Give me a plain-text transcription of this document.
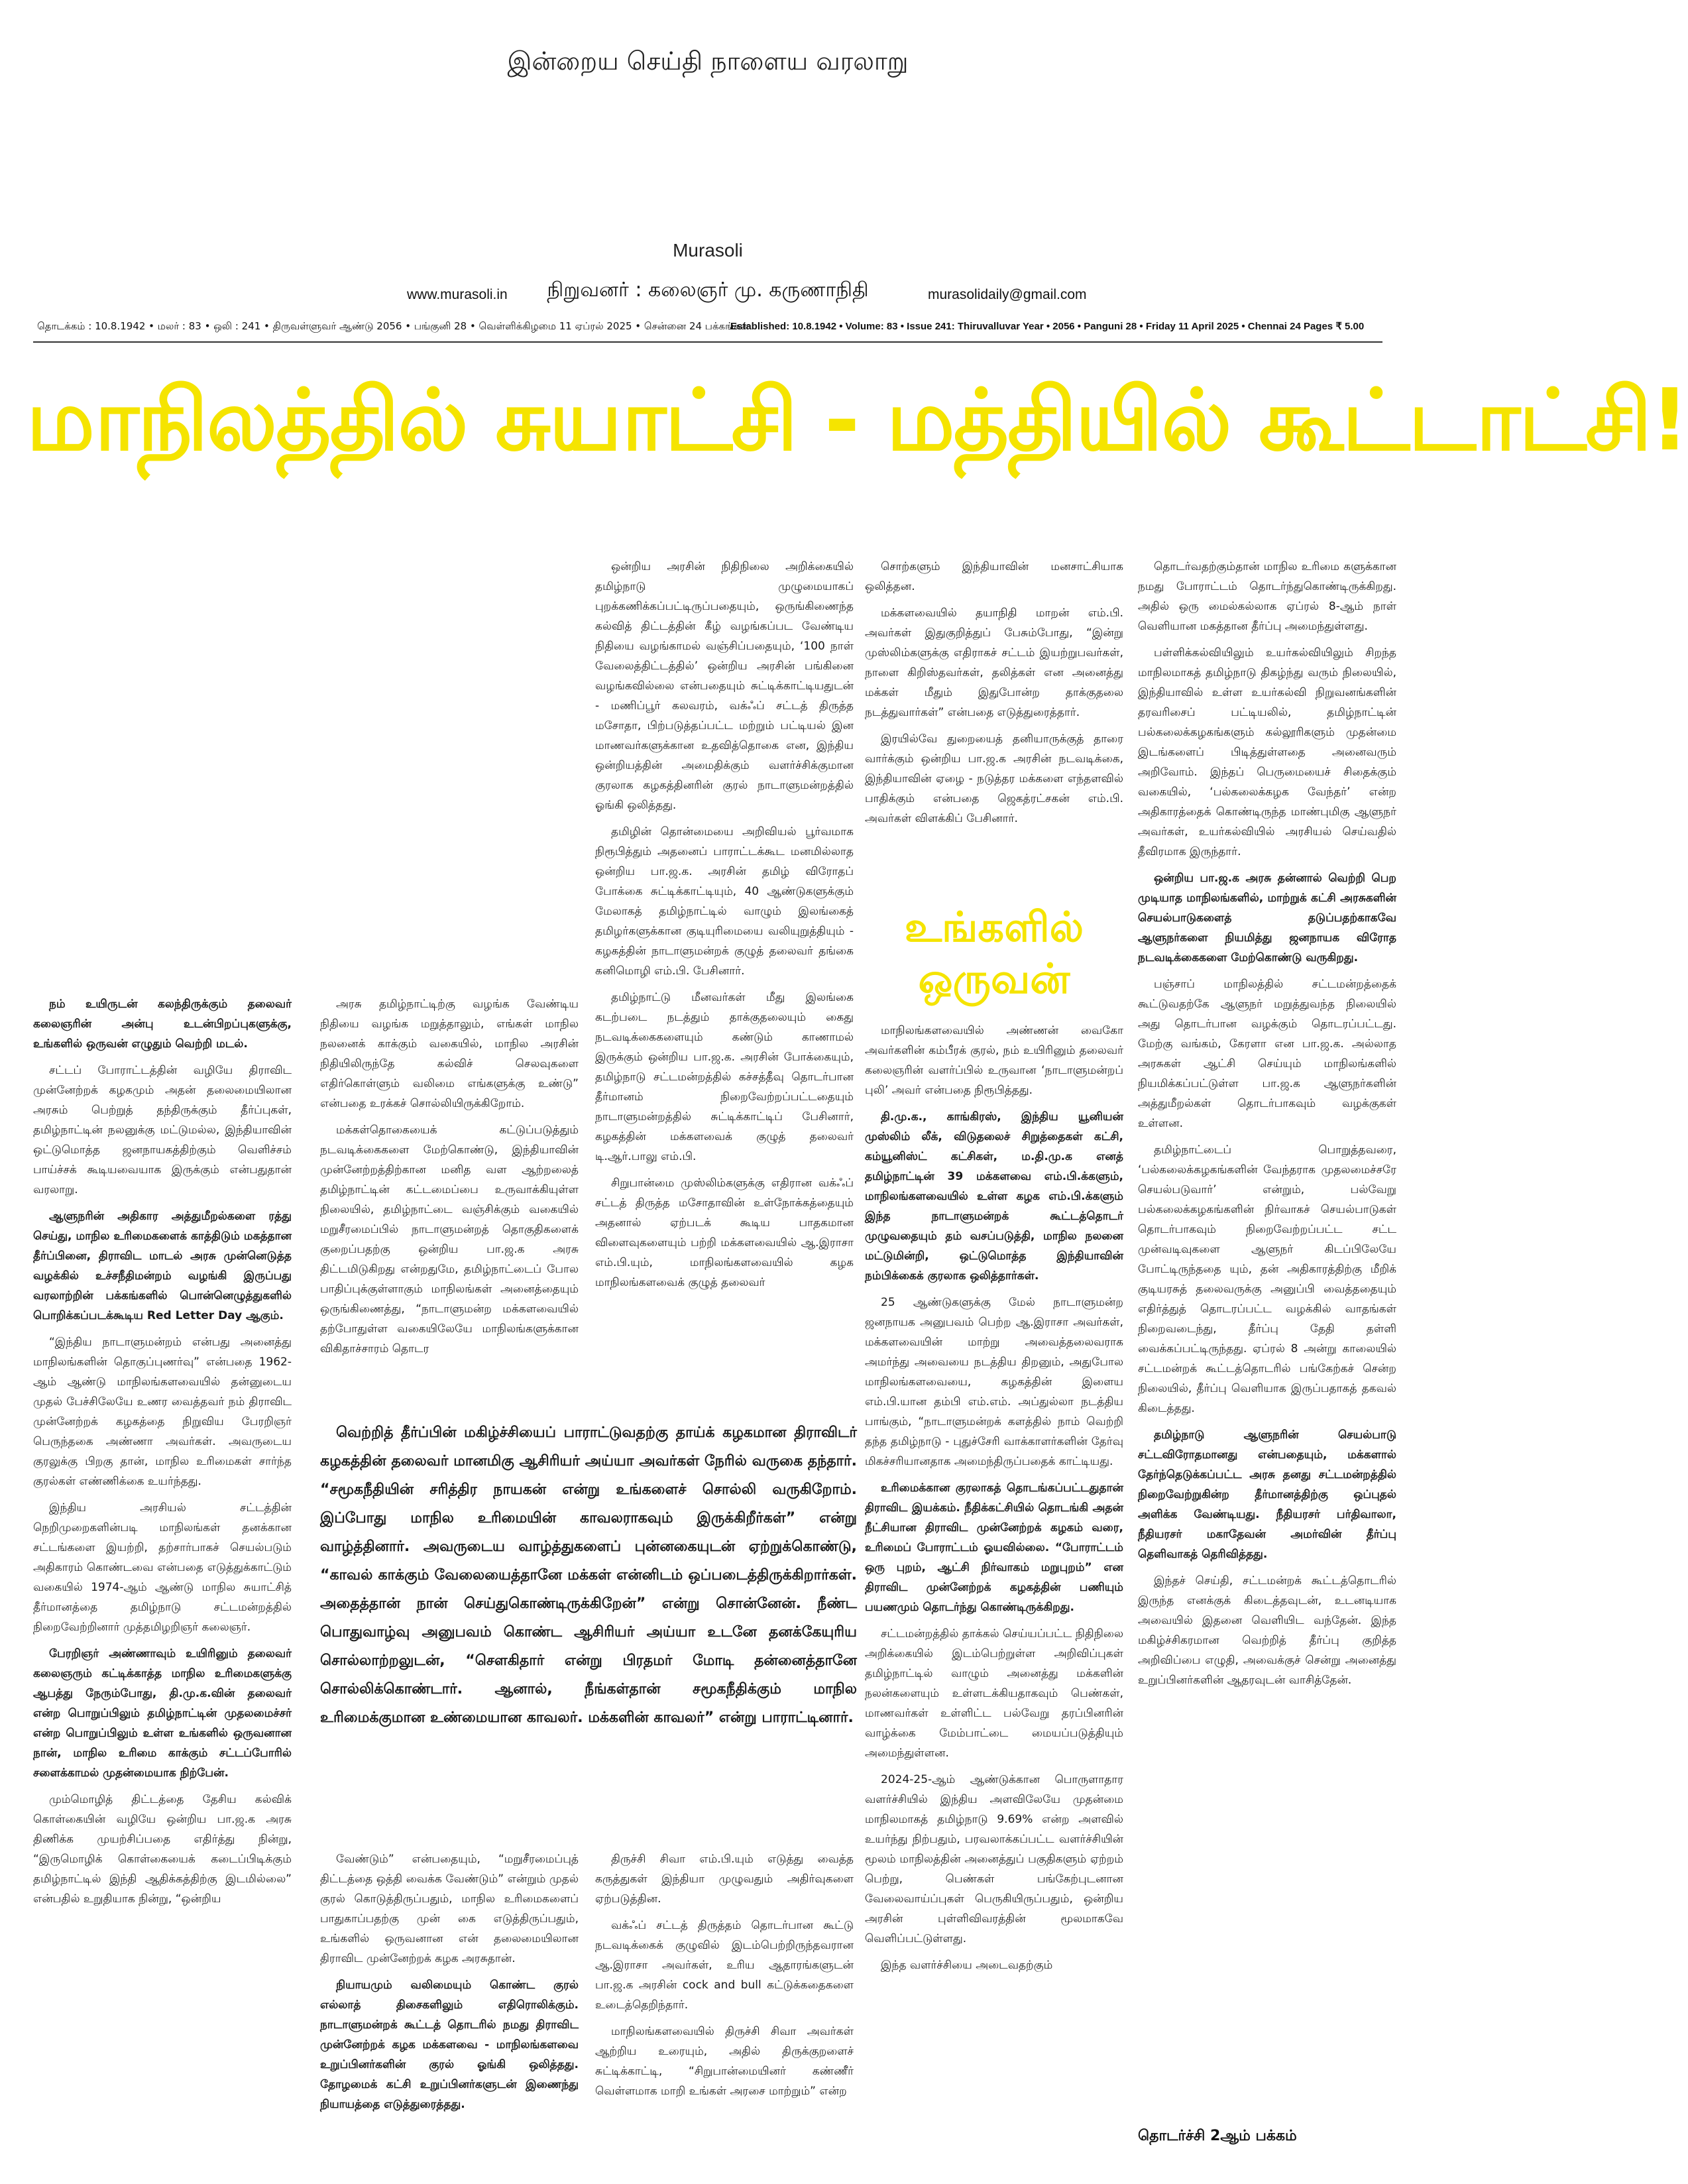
இன்றைய செய்தி நாளைய வரலாறு
Murasoli
www.murasoli.in	நிறுவனர் : கலைஞர் மு. கருணாநிதி	murasolidaily@gmail.com
தொடக்கம் : 10.8.1942 • மலர் : 83 • ஒலி : 241 • திருவள்ளுவர் ஆண்டு 2056 • பங்குனி 28 • வெள்ளிக்கிழமை 11 ஏப்ரல் 2025 • சென்னை 24 பக்கங்கள்
Established: 10.8.1942 • Volume: 83 • Issue 241: Thiruvalluvar Year • 2056 • Panguni 28 • Friday 11 April 2025 • Chennai 24 Pages ₹ 5.00
மாநிலத்தில் சுயாட்சி - மத்தியில் கூட்டாட்சி!

நம் உயிருடன் கலந்திருக்கும் தலைவர் கலைஞரின் அன்பு உடன்பிறப்புகளுக்கு, உங்களில் ஒருவன் எழுதும் வெற்றி மடல்.

சட்டப் போராட்டத்தின் வழியே திராவிட முன்னேற்றக் கழகமும் அதன் தலைமையிலான அரசும் பெற்றுத் தந்திருக்கும் தீர்ப்புகள், தமிழ்நாட்டின் நலனுக்கு மட்டுமல்ல, இந்தியாவின் ஒட்டுமொத்த ஜனநாயகத்திற்கும் வெளிச்சம் பாய்ச்சக் கூடியவையாக இருக்கும் என்பதுதான் வரலாறு.

ஆளுநரின் அதிகார அத்துமீறல்களை ரத்து செய்து, மாநில உரிமைகளைக் காத்திடும் மகத்தான தீர்ப்பினை, திராவிட மாடல் அரசு முன்னெடுத்த வழக்கில் உச்சநீதிமன்றம் வழங்கி இருப்பது வரலாற்றின் பக்கங்களில் பொன்னெழுத்துகளில் பொறிக்கப்படக்கூடிய Red Letter Day ஆகும்.

“இந்திய நாடாளுமன்றம் என்பது அனைத்து மாநிலங்களின் தொகுப்புணர்வு” என்பதை 1962-ஆம் ஆண்டு மாநிலங்களவையில் தன்னுடைய முதல் பேச்சிலேயே உணர வைத்தவர் நம் திராவிட முன்னேற்றக் கழகத்தை நிறுவிய பேரறிஞர் பெருந்தகை அண்ணா அவர்கள். அவருடைய குரலுக்கு பிறகு தான், மாநில உரிமைகள் சார்ந்த குரல்கள் எண்ணிக்கை உயர்ந்தது.

இந்திய அரசியல் சட்டத்தின் நெறிமுறைகளின்படி மாநிலங்கள் தனக்கான சட்டங்களை இயற்றி, தற்சார்பாகச் செயல்படும் அதிகாரம் கொண்டவை என்பதை எடுத்துக்காட்டும் வகையில் 1974-ஆம் ஆண்டு மாநில சுயாட்சித் தீர்மானத்தை தமிழ்நாடு சட்டமன்றத்தில் நிறைவேற்றினார் முத்தமிழறிஞர் கலைஞர்.

பேரறிஞர் அண்ணாவும் உயிரினும் தலைவர் கலைஞரும் கட்டிக்காத்த மாநில உரிமைகளுக்கு ஆபத்து நேரும்போது, தி.மு.க.வின் தலைவர் என்ற பொறுப்பிலும் தமிழ்நாட்டின் முதலமைச்சர் என்ற பொறுப்பிலும் உள்ள உங்களில் ஒருவனான நான், மாநில உரிமை காக்கும் சட்டப்போரில் சளைக்காமல் முதன்மையாக நிற்பேன்.

மும்மொழித் திட்டத்தை தேசிய கல்விக் கொள்கையின் வழியே ஒன்றிய பா.ஜ.க அரசு திணிக்க முயற்சிப்பதை எதிர்த்து நின்று, “இருமொழிக் கொள்கையைக் கடைப்பிடிக்கும் தமிழ்நாட்டில் இந்தி ஆதிக்கத்திற்கு இடமில்லை” என்பதில் உறுதியாக நின்று, “ஒன்றிய

அரசு தமிழ்நாட்டிற்கு வழங்க வேண்டிய நிதியை வழங்க மறுத்தாலும், எங்கள் மாநில நலனைக் காக்கும் வகையில், மாநில அரசின் நிதியிலிருந்தே கல்விச் செலவுகளை எதிர்கொள்ளும் வலிமை எங்களுக்கு உண்டு” என்பதை உரக்கச் சொல்லியிருக்கிறோம்.

மக்கள்தொகையைக் கட்டுப்படுத்தும் நடவடிக்கைகளை மேற்கொண்டு, இந்தியாவின் முன்னேற்றத்திற்கான மனித வள ஆற்றலைத் தமிழ்நாட்டின் கட்டமைப்பை உருவாக்கியுள்ள நிலையில், தமிழ்நாட்டை வஞ்சிக்கும் வகையில் மறுசீரமைப்பில் நாடாளுமன்றத் தொகுதிகளைக் குறைப்பதற்கு ஒன்றிய பா.ஜ.க அரசு திட்டமிடுகிறது என்றதுமே, தமிழ்நாட்டைப் போல பாதிப்புக்குள்ளாகும் மாநிலங்கள் அனைத்தையும் ஒருங்கிணைத்து, “நாடாளுமன்ற மக்களவையில் தற்போதுள்ள வகையிலேயே மாநிலங்களுக்கான விகிதாச்சாரம் தொடர

ஒன்றிய அரசின் நிதிநிலை அறிக்கையில் தமிழ்நாடு முழுமையாகப் புறக்கணிக்கப்பட்டிருப்பதையும், ஒருங்கிணைந்த கல்வித் திட்டத்தின் கீழ் வழங்கப்பட வேண்டிய நிதியை வழங்காமல் வஞ்சிப்பதையும், ‘100 நாள் வேலைத்திட்டத்தில்’ ஒன்றிய அரசின் பங்கினை வழங்கவில்லை என்பதையும் சுட்டிக்காட்டியதுடன் - மணிப்பூர் கலவரம், வக்ஃப் சட்டத் திருத்த மசோதா, பிற்படுத்தப்பட்ட மற்றும் பட்டியல் இன மாணவர்களுக்கான உதவித்தொகை என, இந்திய ஒன்றியத்தின் அமைதிக்கும் வளர்ச்சிக்குமான குரலாக கழகத்தினரின் குரல் நாடாளுமன்றத்தில் ஓங்கி ஒலித்தது.

தமிழின் தொன்மையை அறிவியல் பூர்வமாக நிரூபித்தும் அதனைப் பாராட்டக்கூட மனமில்லாத ஒன்றிய பா.ஜ.க. அரசின் தமிழ் விரோதப் போக்கை சுட்டிக்காட்டியும், 40 ஆண்டுகளுக்கும் மேலாகத் தமிழ்நாட்டில் வாழும் இலங்கைத் தமிழர்களுக்கான குடியுரிமையை வலியுறுத்தியும் - கழகத்தின் நாடாளுமன்றக் குழுத் தலைவர் தங்கை கனிமொழி எம்.பி. பேசினார்.

தமிழ்நாட்டு மீனவர்கள் மீது இலங்கை கடற்படை நடத்தும் தாக்குதலையும் கைது நடவடிக்கைகளையும் கண்டும் காணாமல் இருக்கும் ஒன்றிய பா.ஜ.க. அரசின் போக்கையும், தமிழ்நாடு சட்டமன்றத்தில் கச்சத்தீவு தொடர்பான தீர்மானம் நிறைவேற்றப்பட்டதையும் நாடாளுமன்றத்தில் சுட்டிக்காட்டிப் பேசினார், கழகத்தின் மக்களவைக் குழுத் தலைவர் டி.ஆர்.பாலு எம்.பி.

சிறுபான்மை முஸ்லிம்களுக்கு எதிரான வக்ஃப் சட்டத் திருத்த மசோதாவின் உள்நோக்கத்தையும் அதனால் ஏற்படக் கூடிய பாதகமான விளைவுகளையும் பற்றி மக்களவையில் ஆ.இராசா எம்.பி.யும், மாநிலங்களவையில் கழக மாநிலங்களவைக் குழுத் தலைவர்

சொற்களும் இந்தியாவின் மனசாட்சியாக ஒலித்தன.

மக்களவையில் தயாநிதி மாறன் எம்.பி. அவர்கள் இதுகுறித்துப் பேசும்போது, “இன்று முஸ்லிம்களுக்கு எதிராகச் சட்டம் இயற்றுபவர்கள், நாளை கிறிஸ்தவர்கள், தலித்கள் என அனைத்து மக்கள் மீதும் இதுபோன்ற தாக்குதலை நடத்துவார்கள்” என்பதை எடுத்துரைத்தார்.

இரயில்வே துறையைத் தனியாருக்குத் தாரை வார்க்கும் ஒன்றிய பா.ஜ.க அரசின் நடவடிக்கை, இந்தியாவின் ஏழை - நடுத்தர மக்களை எந்தளவில் பாதிக்கும் என்பதை ஜெகத்ரட்சகன் எம்.பி. அவர்கள் விளக்கிப் பேசினார்.

உங்களில் ஒருவன்

மாநிலங்களவையில் அண்ணன் வைகோ அவர்களின் கம்பீரக் குரல், நம் உயிரினும் தலைவர் கலைஞரின் வளர்ப்பில் உருவான ‘நாடாளுமன்றப் புலி’ அவர் என்பதை நிரூபித்தது.

தி.மு.க., காங்கிரஸ், இந்திய யூனியன் முஸ்லிம் லீக், விடுதலைச் சிறுத்தைகள் கட்சி, கம்யூனிஸ்ட் கட்சிகள், ம.தி.மு.க எனத் தமிழ்நாட்டின் 39 மக்களவை எம்.பி.க்களும், மாநிலங்களவையில் உள்ள கழக எம்.பி.க்களும் இந்த நாடாளுமன்றக் கூட்டத்தொடர் முழுவதையும் தம் வசப்படுத்தி, மாநில நலனை மட்டுமின்றி, ஒட்டுமொத்த இந்தியாவின் நம்பிக்கைக் குரலாக ஒலித்தார்கள்.

25 ஆண்டுகளுக்கு மேல் நாடாளுமன்ற ஜனநாயக அனுபவம் பெற்ற ஆ.இராசா அவர்கள், மக்களவையின் மாற்று அவைத்தலைவராக அமர்ந்து அவையை நடத்திய திறனும், அதுபோல மாநிலங்களவையை, கழகத்தின் இளைய எம்.பி.யான தம்பி எம்.எம். அப்துல்லா நடத்திய பாங்கும், “நாடாளுமன்றக் களத்தில் நாம் வெற்றி தந்த தமிழ்நாடு - புதுச்சேரி வாக்காளர்களின் தேர்வு மிகச்சரியானதாக அமைந்திருப்பதைக் காட்டியது.

உரிமைக்கான குரலாகத் தொடங்கப்பட்டதுதான் திராவிட இயக்கம். நீதிக்கட்சியில் தொடங்கி அதன் நீட்சியான திராவிட முன்னேற்றக் கழகம் வரை, உரிமைப் போராட்டம் ஓயவில்லை. “போராட்டம் ஒரு புறம், ஆட்சி நிர்வாகம் மறுபுறம்” என திராவிட முன்னேற்றக் கழகத்தின் பணியும் பயணமும் தொடர்ந்து கொண்டிருக்கிறது.

சட்டமன்றத்தில் தாக்கல் செய்யப்பட்ட நிதிநிலை அறிக்கையில் இடம்பெற்றுள்ள அறிவிப்புகள் தமிழ்நாட்டில் வாழும் அனைத்து மக்களின் நலன்களையும் உள்ளடக்கியதாகவும் பெண்கள், மாணவர்கள் உள்ளிட்ட பல்வேறு தரப்பினரின் வாழ்க்கை மேம்பாட்டை மையப்படுத்தியும் அமைந்துள்ளன.

2024-25-ஆம் ஆண்டுக்கான பொருளாதார வளர்ச்சியில் இந்திய அளவிலேயே முதன்மை மாநிலமாகத் தமிழ்நாடு 9.69% என்ற அளவில் உயர்ந்து நிற்பதும், பரவலாக்கப்பட்ட வளர்ச்சியின் மூலம் மாநிலத்தின் அனைத்துப் பகுதிகளும் ஏற்றம் பெற்று, பெண்கள் பங்கேற்புடனான வேலைவாய்ப்புகள் பெருகியிருப்பதும், ஒன்றிய அரசின் புள்ளிவிவரத்தின் மூலமாகவே வெளிப்பட்டுள்ளது.

இந்த வளர்ச்சியை அடைவதற்கும்

தொடர்வதற்கும்தான் மாநில உரிமை களுக்கான நமது போராட்டம் தொடர்ந்துகொண்டிருக்கிறது. அதில் ஒரு மைல்கல்லாக ஏப்ரல் 8-ஆம் நாள் வெளியான மகத்தான தீர்ப்பு அமைந்துள்ளது.

பள்ளிக்கல்வியிலும் உயர்கல்வியிலும் சிறந்த மாநிலமாகத் தமிழ்நாடு திகழ்ந்து வரும் நிலையில், இந்தியாவில் உள்ள உயர்கல்வி நிறுவனங்களின் தரவரிசைப் பட்டியலில், தமிழ்நாட்டின் பல்கலைக்கழகங்களும் கல்லூரிகளும் முதன்மை இடங்களைப் பிடித்துள்ளதை அனைவரும் அறிவோம். இந்தப் பெருமையைச் சிதைக்கும் வகையில், ‘பல்கலைக்கழக வேந்தர்’ என்ற அதிகாரத்தைக் கொண்டிருந்த மாண்புமிகு ஆளுநர் அவர்கள், உயர்கல்வியில் அரசியல் செய்வதில் தீவிரமாக இருந்தார்.

ஒன்றிய பா.ஜ.க அரசு தன்னால் வெற்றி பெற முடியாத மாநிலங்களில், மாற்றுக் கட்சி அரசுகளின் செயல்பாடுகளைத் தடுப்பதற்காகவே ஆளுநர்களை நியமித்து ஜனநாயக விரோத நடவடிக்கைகளை மேற்கொண்டு வருகிறது.

பஞ்சாப் மாநிலத்தில் சட்டமன்றத்தைக் கூட்டுவதற்கே ஆளுநர் மறுத்துவந்த நிலையில் அது தொடர்பான வழக்கும் தொடரப்பட்டது. மேற்கு வங்கம், கேரளா என பா.ஜ.க. அல்லாத அரசுகள் ஆட்சி செய்யும் மாநிலங்களில் நியமிக்கப்பட்டுள்ள பா.ஜ.க ஆளுநர்களின் அத்துமீறல்கள் தொடர்பாகவும் வழக்குகள் உள்ளன.

தமிழ்நாட்டைப் பொறுத்தவரை, ‘பல்கலைக்கழகங்களின் வேந்தராக முதலமைச்சரே செயல்படுவார்’ என்றும், பல்வேறு பல்கலைக்கழகங்களின் நிர்வாகச் செயல்பாடுகள் தொடர்பாகவும் நிறைவேற்றப்பட்ட சட்ட முன்வடிவுகளை ஆளுநர் கிடப்பிலேயே போட்டிருந்ததை யும், தன் அதிகாரத்திற்கு மீறிக் குடியரசுத் தலைவருக்கு அனுப்பி வைத்ததையும் எதிர்த்துத் தொடரப்பட்ட வழக்கில் வாதங்கள் நிறைவடைந்து, தீர்ப்பு தேதி தள்ளி வைக்கப்பட்டிருந்தது. ஏப்ரல் 8 அன்று காலையில் சட்டமன்றக் கூட்டத்தொடரில் பங்கேற்கச் சென்ற நிலையில், தீர்ப்பு வெளியாக இருப்பதாகத் தகவல் கிடைத்தது.

தமிழ்நாடு ஆளுநரின் செயல்பாடு சட்டவிரோதமானது என்பதையும், மக்களால் தேர்ந்தெடுக்கப்பட்ட அரசு தனது சட்டமன்றத்தில் நிறைவேற்றுகின்ற தீர்மானத்திற்கு ஒப்புதல் அளிக்க வேண்டியது. நீதியரசர் பர்திவாலா, நீதியரசர் மகாதேவன் அமர்வின் தீர்ப்பு தெளிவாகத் தெரிவித்தது.

இந்தச் செய்தி, சட்டமன்றக் கூட்டத்தொடரில் இருந்த எனக்குக் கிடைத்தவுடன், உடனடியாக அவையில் இதனை வெளியிட வந்தேன். இந்த மகிழ்ச்சிகரமான வெற்றித் தீர்ப்பு குறித்த அறிவிப்பை எழுதி, அவைக்குச் சென்று அனைத்து உறுப்பினர்களின் ஆதரவுடன் வாசித்தேன்.

வெற்றித் தீர்ப்பின் மகிழ்ச்சியைப் பாராட்டுவதற்கு தாய்க் கழகமான திராவிடர் கழகத்தின் தலைவர் மானமிகு ஆசிரியர் அய்யா அவர்கள் நேரில் வருகை தந்தார். “சமூகநீதியின் சரித்திர நாயகன் என்று உங்களைச் சொல்லி வருகிறோம். இப்போது மாநில உரிமையின் காவலராகவும் இருக்கிறீர்கள்” என்று வாழ்த்தினார். அவருடைய வாழ்த்துகளைப் புன்னகையுடன் ஏற்றுக்கொண்டு, “காவல் காக்கும் வேலையைத்தானே மக்கள் என்னிடம் ஒப்படைத்திருக்கிறார்கள். அதைத்தான் நான் செய்துகொண்டிருக்கிறேன்” என்று சொன்னேன். நீண்ட பொதுவாழ்வு அனுபவம் கொண்ட ஆசிரியர் அய்யா உடனே தனக்கேயுரிய சொல்லாற்றலுடன், “சௌகிதார் என்று பிரதமர் மோடி தன்னைத்தானே சொல்லிக்கொண்டார். ஆனால், நீங்கள்தான் சமூகநீதிக்கும் மாநில உரிமைக்குமான உண்மையான காவலர். மக்களின் காவலர்” என்று பாராட்டினார்.

வேண்டும்” என்பதையும், “மறுசீரமைப்புத் திட்டத்தை ஒத்தி வைக்க வேண்டும்” என்றும் முதல் குரல் கொடுத்திருப்பதும், மாநில உரிமைகளைப் பாதுகாப்பதற்கு முன் கை எடுத்திருப்பதும், உங்களில் ஒருவனான என் தலைமையிலான திராவிட முன்னேற்றக் கழக அரசுதான்.

நியாயமும் வலிமையும் கொண்ட குரல் எல்லாத் திசைகளிலும் எதிரொலிக்கும். நாடாளுமன்றக் கூட்டத் தொடரில் நமது திராவிட முன்னேற்றக் கழக மக்களவை - மாநிலங்களவை உறுப்பினர்களின் குரல் ஓங்கி ஒலித்தது. தோழமைக் கட்சி உறுப்பினர்களுடன் இணைந்து நியாயத்தை எடுத்துரைத்தது.

திருச்சி சிவா எம்.பி.யும் எடுத்து வைத்த கருத்துகள் இந்தியா முழுவதும் அதிர்வுகளை ஏற்படுத்தின.

வக்ஃப் சட்டத் திருத்தம் தொடர்பான கூட்டு நடவடிக்கைக் குழுவில் இடம்பெற்றிருந்தவரான ஆ.இராசா அவர்கள், உரிய ஆதாரங்களுடன் பா.ஜ.க அரசின் cock and bull கட்டுக்கதைகளை உடைத்தெறிந்தார்.

மாநிலங்களவையில் திருச்சி சிவா அவர்கள் ஆற்றிய உரையும், அதில் திருக்குறளைச் சுட்டிக்காட்டி, “சிறுபான்மையினர் கண்ணீர் வெள்ளமாக மாறி உங்கள் அரசை மாற்றும்” என்ற

தொடர்ச்சி 2ஆம் பக்கம்
